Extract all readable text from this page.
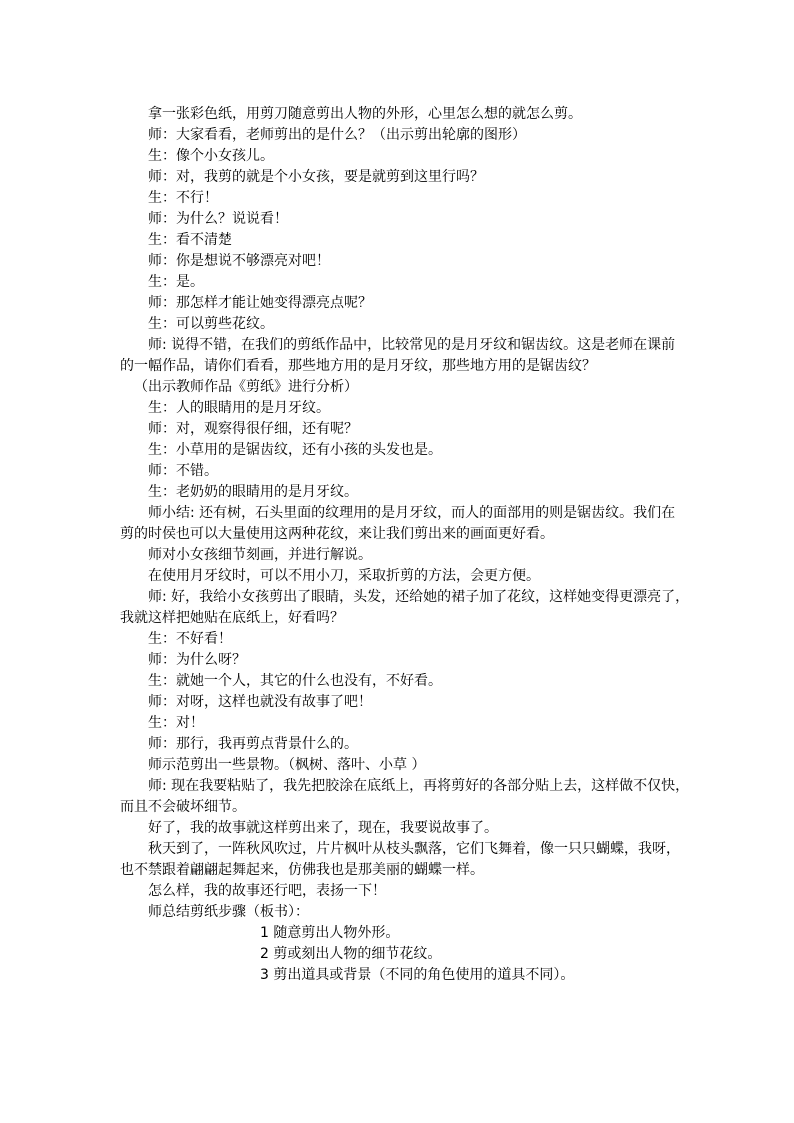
拿一张彩色纸，用剪刀随意剪出人物的外形，心里怎么想的就怎么剪。
师：大家看看，老师剪出的是什么？（出示剪出轮廓的图形）
生：像个小女孩儿。
师：对，我剪的就是个小女孩，要是就剪到这里行吗？
生：不行！
师：为什么？说说看！
生：看不清楚
师：你是想说不够漂亮对吧！
生：是。
师：那怎样才能让她变得漂亮点呢？
生：可以剪些花纹。
师: 说得不错，在我们的剪纸作品中，比较常见的是月牙纹和锯齿纹。这是老师在课前
的一幅作品，请你们看看，那些地方用的是月牙纹，那些地方用的是锯齿纹？
（出示教师作品《剪纸》进行分析）
生：人的眼睛用的是月牙纹。
师：对，观察得很仔细，还有呢？
生：小草用的是锯齿纹，还有小孩的头发也是。
师：不错。
生：老奶奶的眼睛用的是月牙纹。
师小结: 还有树，石头里面的纹理用的是月牙纹，而人的面部用的则是锯齿纹。我们在
剪的时侯也可以大量使用这两种花纹，来让我们剪出来的画面更好看。
师对小女孩细节刻画，并进行解说。
在使用月牙纹时，可以不用小刀，采取折剪的方法，会更方便。
师: 好，我给小女孩剪出了眼睛，头发，还给她的裙子加了花纹，这样她变得更漂亮了，
我就这样把她贴在底纸上，好看吗？
生：不好看！
师：为什么呀？
生：就她一个人，其它的什么也没有，不好看。
师：对呀，这样也就没有故事了吧！
生：对！
师：那行，我再剪点背景什么的。
师示范剪出一些景物。（枫树、落叶、小草 ）
师: 现在我要粘贴了，我先把胶涂在底纸上，再将剪好的各部分贴上去，这样做不仅快，
而且不会破坏细节。
好了，我的故事就这样剪出来了，现在，我要说故事了。
秋天到了，一阵秋风吹过，片片枫叶从枝头飘落，它们飞舞着，像一只只蝴蝶，我呀，
也不禁跟着翩翩起舞起来，仿佛我也是那美丽的蝴蝶一样。
怎么样，我的故事还行吧，表扬一下！
师总结剪纸步骤（板书）：
1 随意剪出人物外形。
2 剪或刻出人物的细节花纹。
3 剪出道具或背景（不同的角色使用的道具不同）。
